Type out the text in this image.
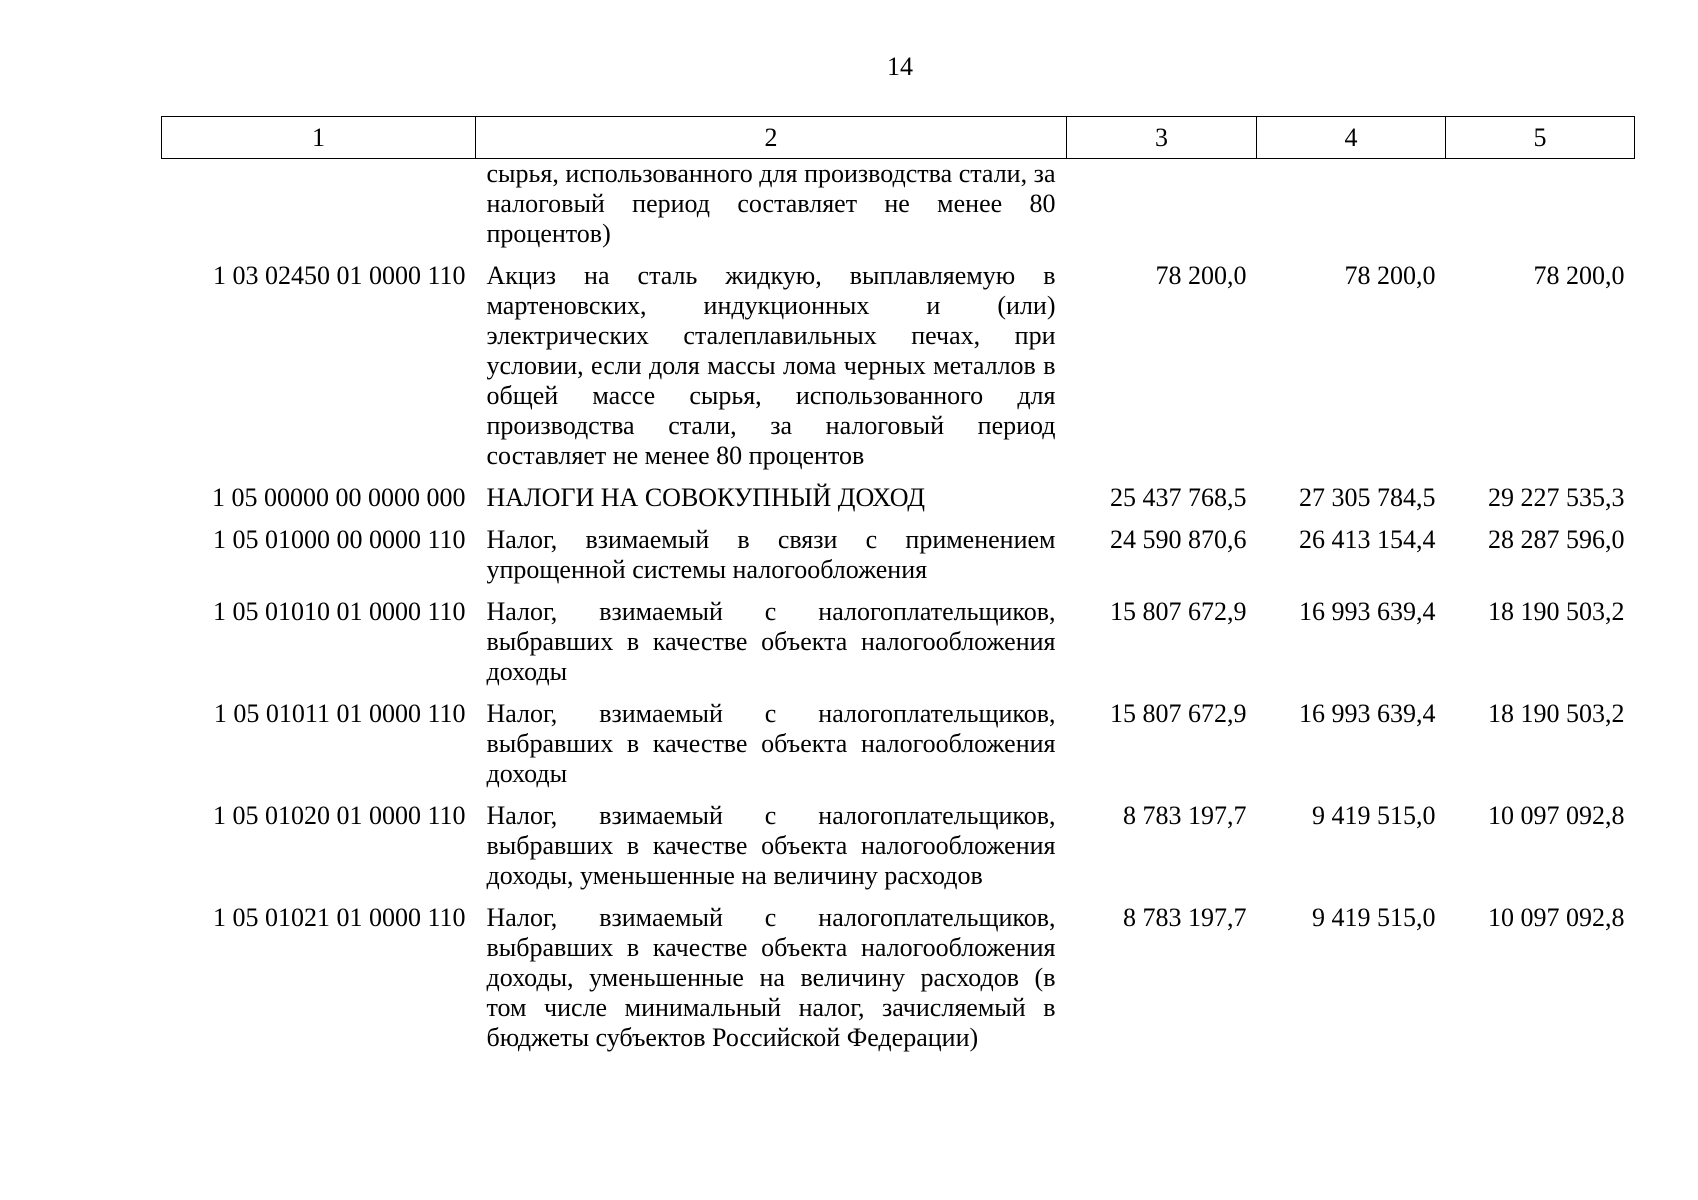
14
1	2	3	4	5
	сырья, использованного для производства стали, за налоговый период составляет не менее 80 процентов)			
1 03 02450 01 0000 110	Акциз на сталь жидкую, выплавляемую в мартеновских, индукционных и (или) электрических сталеплавильных печах, при условии, если доля массы лома черных металлов в общей массе сырья, использованного для производства стали, за налоговый период составляет не менее 80 процентов	78 200,0	78 200,0	78 200,0
1 05 00000 00 0000 000	НАЛОГИ НА СОВОКУПНЫЙ ДОХОД	25 437 768,5	27 305 784,5	29 227 535,3
1 05 01000 00 0000 110	Налог, взимаемый в связи с применением упрощенной системы налогообложения	24 590 870,6	26 413 154,4	28 287 596,0
1 05 01010 01 0000 110	Налог, взимаемый с налогоплательщиков, выбравших в качестве объекта налогообложения доходы	15 807 672,9	16 993 639,4	18 190 503,2
1 05 01011 01 0000 110	Налог, взимаемый с налогоплательщиков, выбравших в качестве объекта налогообложения доходы	15 807 672,9	16 993 639,4	18 190 503,2
1 05 01020 01 0000 110	Налог, взимаемый с налогоплательщиков, выбравших в качестве объекта налогообложения доходы, уменьшенные на величину расходов	8 783 197,7	9 419 515,0	10 097 092,8
1 05 01021 01 0000 110	Налог, взимаемый с налогоплательщиков, выбравших в качестве объекта налогообложения доходы, уменьшенные на величину расходов (в том числе минимальный налог, зачисляемый в бюджеты субъектов Российской Федерации)	8 783 197,7	9 419 515,0	10 097 092,8
